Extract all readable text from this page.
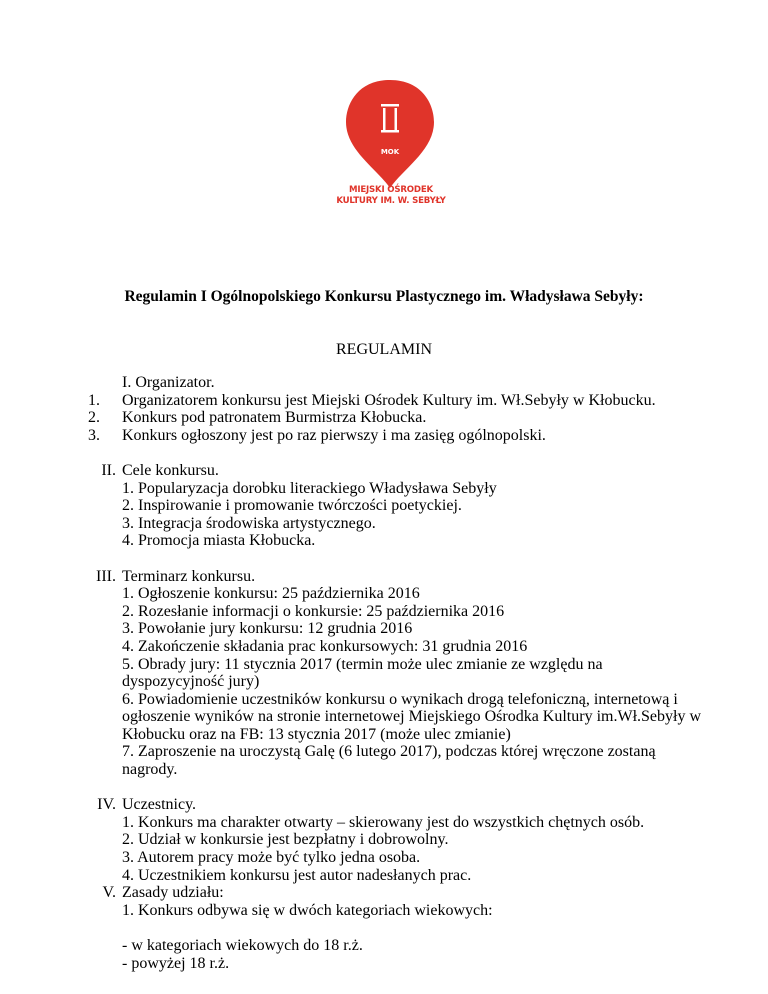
MOK
MIEJSKI OŚRODEK
KULTURY IM. W. SEBYŁY
Regulamin I Ogólnopolskiego Konkursu Plastycznego im. Władysława Sebyły:
REGULAMIN
I. Organizator.
1.	Organizatorem konkursu jest Miejski Ośrodek Kultury im. Wł.Sebyły w Kłobucku.
2.	Konkurs pod patronatem Burmistrza Kłobucka.
3.	Konkurs ogłoszony jest po raz pierwszy i ma zasięg ogólnopolski.
II. Cele konkursu.
1. Popularyzacja dorobku literackiego Władysława Sebyły
2. Inspirowanie i promowanie twórczości poetyckiej.
3. Integracja środowiska artystycznego.
4. Promocja miasta Kłobucka.
III. Terminarz konkursu.
1. Ogłoszenie konkursu: 25 października 2016
2. Rozesłanie informacji o konkursie: 25 października 2016
3. Powołanie jury konkursu: 12 grudnia 2016
4. Zakończenie składania prac konkursowych: 31 grudnia 2016
5. Obrady jury: 11 stycznia 2017 (termin może ulec zmianie ze względu na dyspozycyjność jury)
6. Powiadomienie uczestników konkursu o wynikach drogą telefoniczną, internetową i ogłoszenie wyników na stronie internetowej Miejskiego Ośrodka Kultury im.Wł.Sebyły w Kłobucku oraz na FB: 13 stycznia 2017 (może ulec zmianie)
7. Zaproszenie na uroczystą Galę (6 lutego 2017), podczas której wręczone zostaną nagrody.
IV. Uczestnicy.
1. Konkurs ma charakter otwarty – skierowany jest do wszystkich chętnych osób.
2. Udział w konkursie jest bezpłatny i dobrowolny.
3. Autorem pracy może być tylko jedna osoba.
4. Uczestnikiem konkursu jest autor nadesłanych prac.
V. Zasady udziału:
1. Konkurs odbywa się w dwóch kategoriach wiekowych:
- w kategoriach wiekowych do 18 r.ż.
- powyżej 18 r.ż.
